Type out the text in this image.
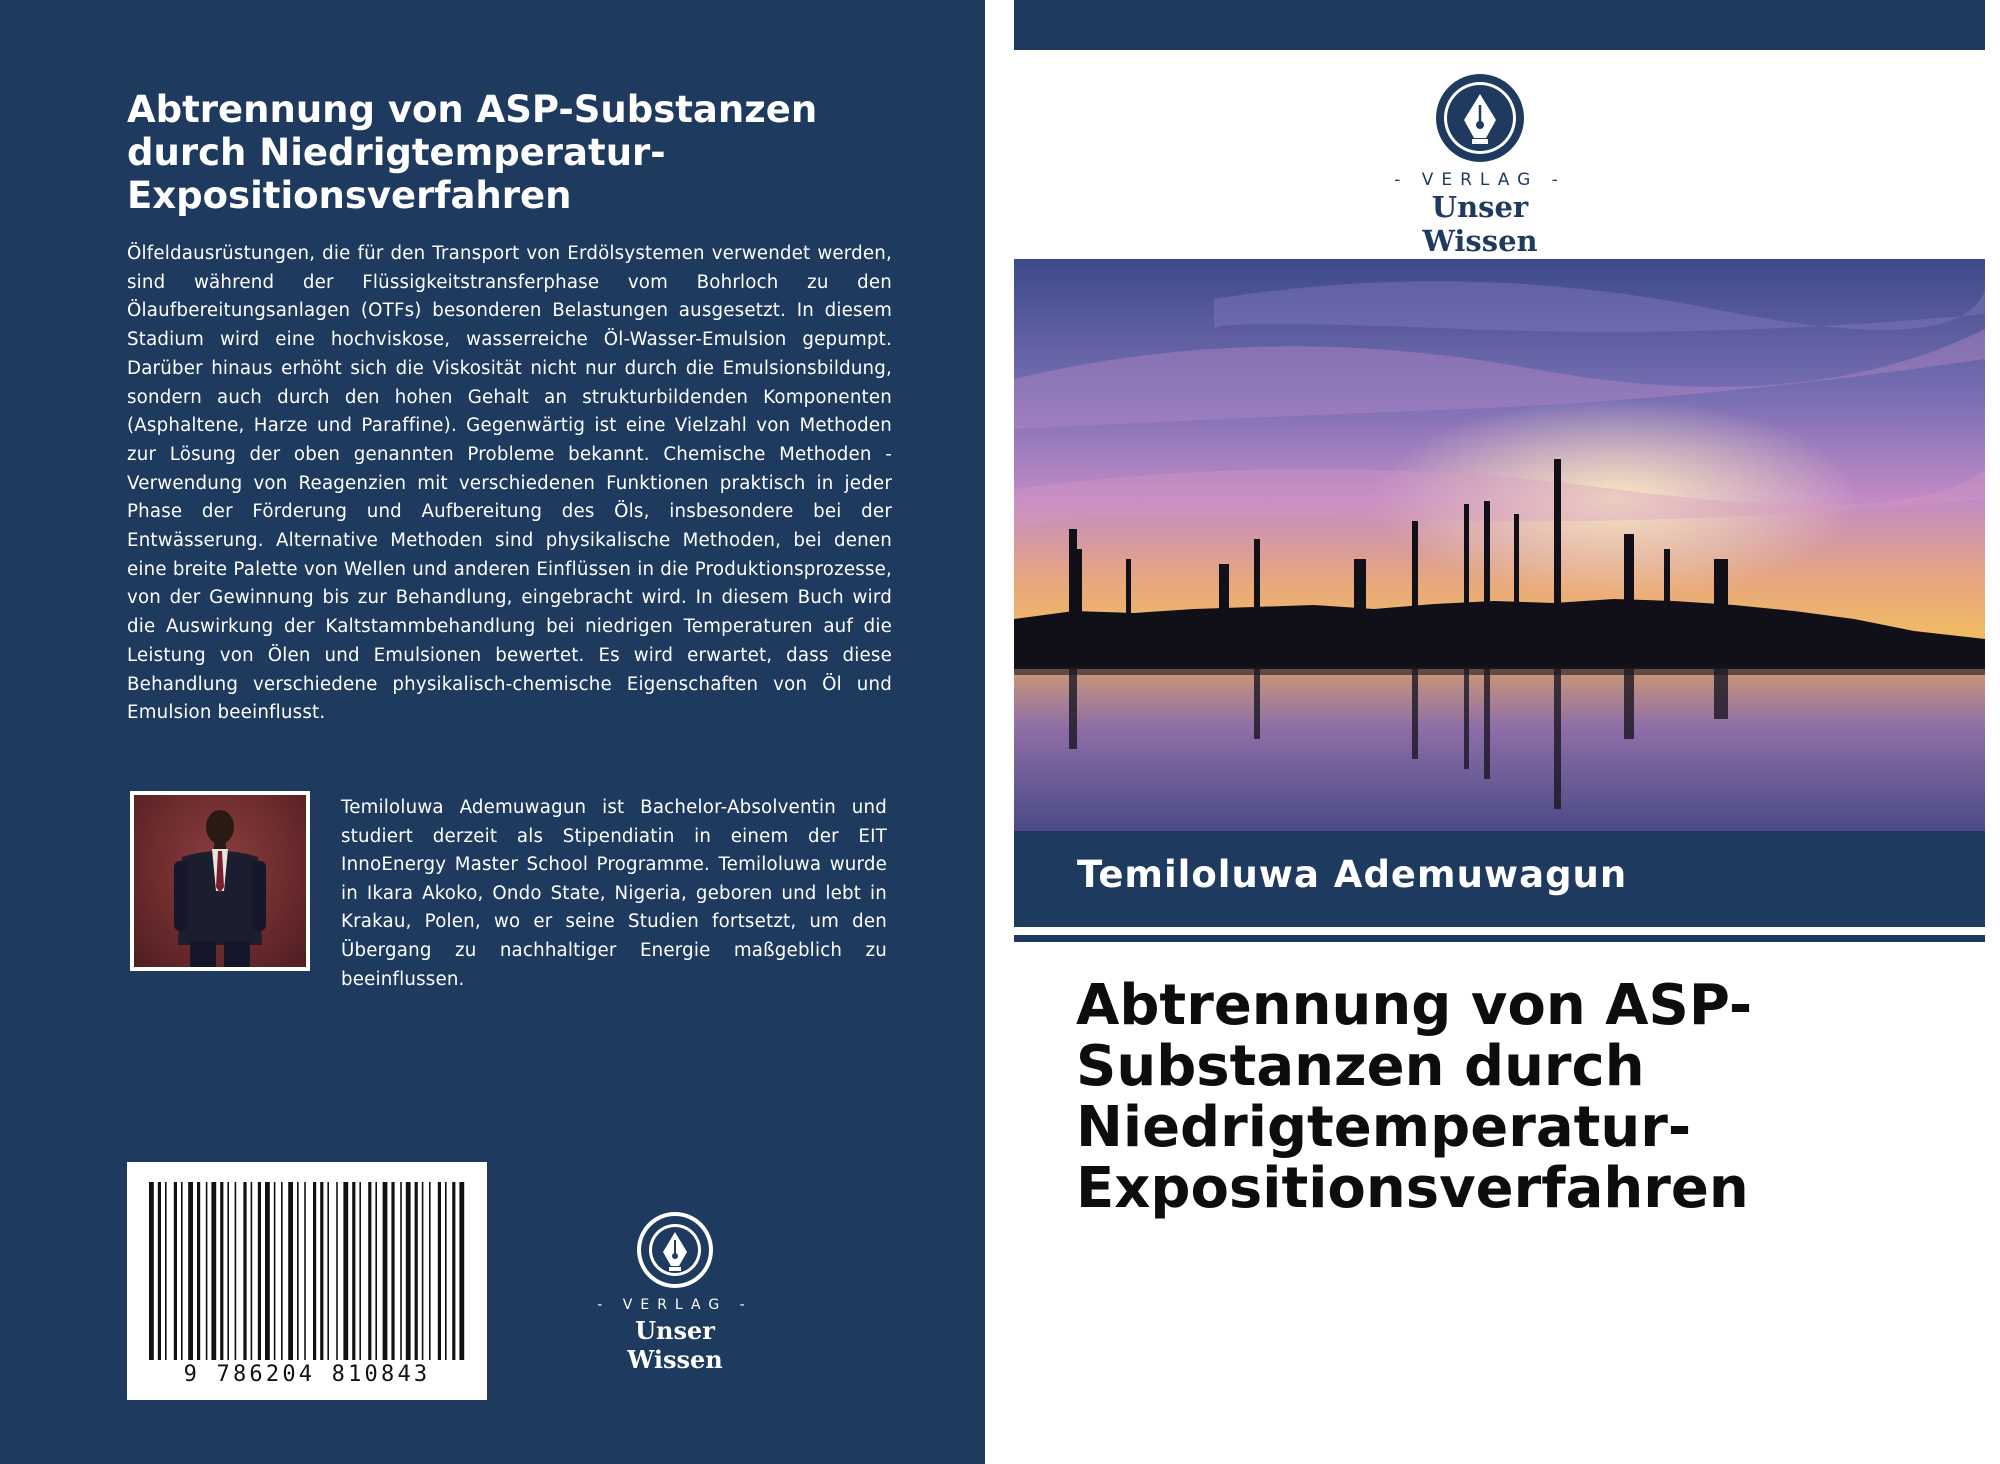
Abtrennung von ASP-Substanzen durch Niedrigtemperatur-Expositionsverfahren

Ölfeldausrüstungen, die für den Transport von Erdölsystemen verwendet werden, sind während der Flüssigkeitstransferphase vom Bohrloch zu den Ölaufbereitungsanlagen (OTFs) besonderen Belastungen ausgesetzt. In diesem Stadium wird eine hochviskose, wasserreiche Öl-Wasser-Emulsion gepumpt. Darüber hinaus erhöht sich die Viskosität nicht nur durch die Emulsionsbildung, sondern auch durch den hohen Gehalt an strukturbildenden Komponenten (Asphaltene, Harze und Paraffine). Gegenwärtig ist eine Vielzahl von Methoden zur Lösung der oben genannten Probleme bekannt. Chemische Methoden - Verwendung von Reagenzien mit verschiedenen Funktionen praktisch in jeder Phase der Förderung und Aufbereitung des Öls, insbesondere bei der Entwässerung. Alternative Methoden sind physikalische Methoden, bei denen eine breite Palette von Wellen und anderen Einflüssen in die Produktionsprozesse, von der Gewinnung bis zur Behandlung, eingebracht wird. In diesem Buch wird die Auswirkung der Kaltstammbehandlung bei niedrigen Temperaturen auf die Leistung von Ölen und Emulsionen bewertet. Es wird erwartet, dass diese Behandlung verschiedene physikalisch-chemische Eigenschaften von Öl und Emulsion beeinflusst.

Temiloluwa Ademuwagun ist Bachelor-Absolventin und studiert derzeit als Stipendiatin in einem der EIT InnoEnergy Master School Programme. Temiloluwa wurde in Ikara Akoko, Ondo State, Nigeria, geboren und lebt in Krakau, Polen, wo er seine Studien fortsetzt, um den Übergang zu nachhaltiger Energie maßgeblich zu beeinflussen.

9 786204 810843
- VERLAG -
Unser Wissen
- VERLAG -
Unser Wissen
Temiloluwa Ademuwagun
Abtrennung von ASP-Substanzen durch Niedrigtemperatur-Expositionsverfahren
